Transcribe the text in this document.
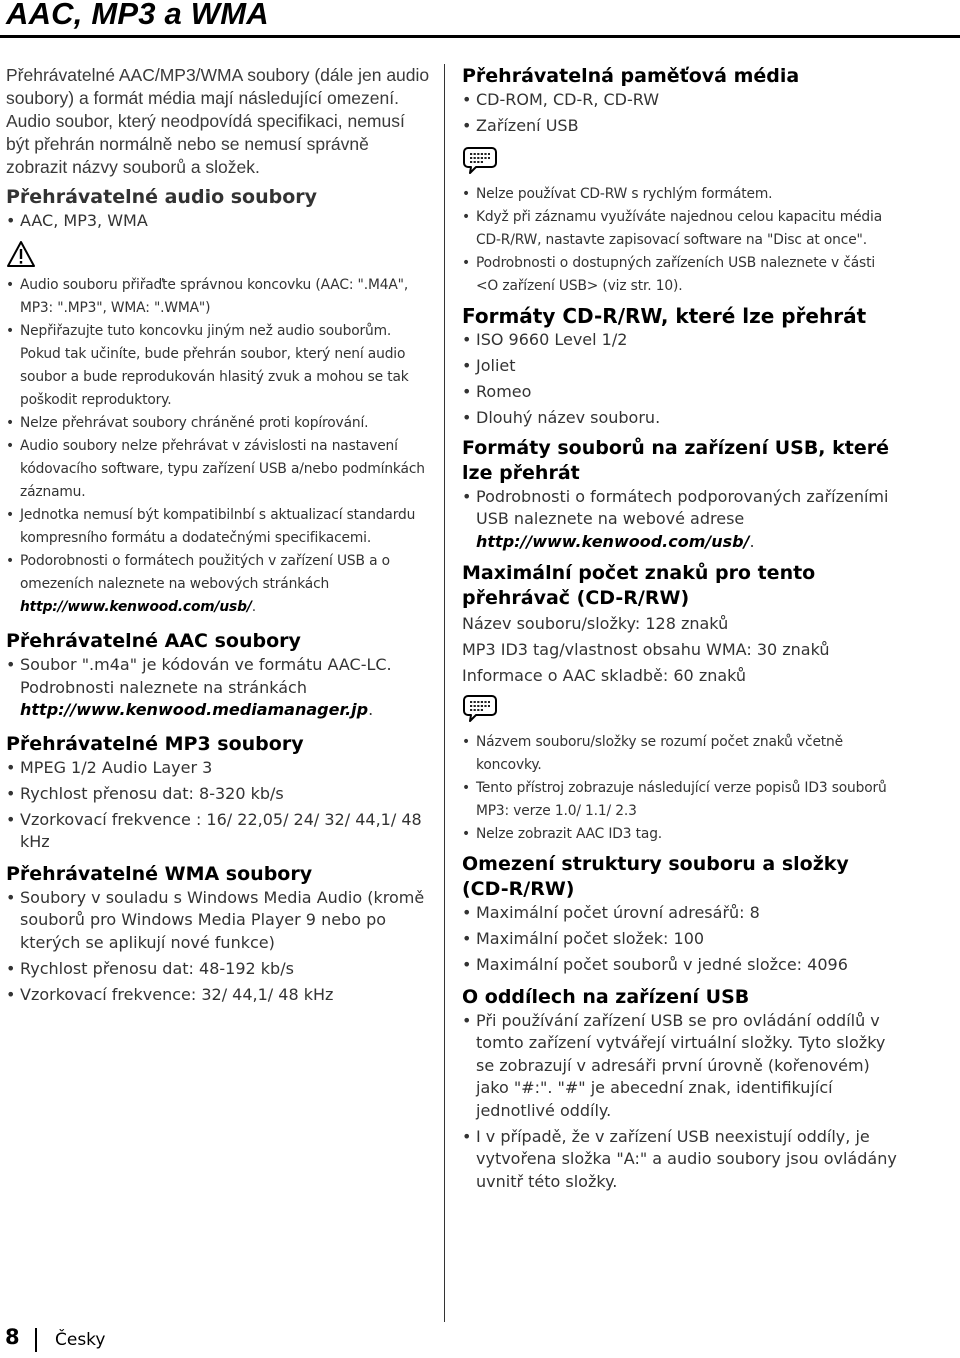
AAC, MP3 a WMA

Přehrávatelné AAC/MP3/WMA soubory (dále jen audio soubory) a formát média mají následující omezení. Audio soubor, který neodpovídá specifikaci, nemusí být přehrán normálně nebo se nemusí správně zobrazit názvy souborů a složek.

Přehrávatelné audio soubory
• AAC, MP3, WMA
• Audio souboru přiřaďte správnou koncovku (AAC: ".M4A", MP3: ".MP3", WMA: ".WMA")
• Nepřiřazujte tuto koncovku jiným než audio souborům. Pokud tak učiníte, bude přehrán soubor, který není audio soubor a bude reprodukován hlasitý zvuk a mohou se tak poškodit reproduktory.
• Nelze přehrávat soubory chráněné proti kopírování.
• Audio soubory nelze přehrávat v závislosti na nastavení kódovacího software, typu zařízení USB a/nebo podmínkách záznamu.
• Jednotka nemusí být kompatibilnbí s aktualizací standardu kompresního formátu a dodatečnými specifikacemi.
• Podorobnosti o formátech použitých v zařízení USB a o omezeních naleznete na webových stránkách http://www.kenwood.com/usb/.
Přehrávatelné AAC soubory
• Soubor ".m4a" je kódován ve formátu AAC-LC.
Podrobnosti naleznete na stránkách http://www.kenwood.mediamanager.jp.
Přehrávatelné MP3 soubory
• MPEG 1/2 Audio Layer 3
• Rychlost přenosu dat: 8-320 kb/s
• Vzorkovací frekvence : 16/ 22,05/ 24/ 32/ 44,1/ 48 kHz
Přehrávatelné WMA soubory
• Soubory v souladu s Windows Media Audio (kromě souborů pro Windows Media Player 9 nebo po kterých se aplikují nové funkce)
• Rychlost přenosu dat: 48-192 kb/s
• Vzorkovací frekvence: 32/ 44,1/ 48 kHz
Přehrávatelná paměťová média
• CD-ROM, CD-R, CD-RW
• Zařízení USB
• Nelze používat CD-RW s rychlým formátem.
• Když při záznamu využíváte najednou celou kapacitu média CD-R/RW, nastavte zapisovací software na "Disc at once".
• Podrobnosti o dostupných zařízeních USB naleznete v části <O zařízení USB> (viz str. 10).
Formáty CD-R/RW, které lze přehrát
• ISO 9660 Level 1/2
• Joliet
• Romeo
• Dlouhý název souboru.
Formáty souborů na zařízení USB, které lze přehrát
• Podrobnosti o formátech podporovaných zařízeními USB naleznete na webové adrese http://www.kenwood.com/usb/.
Maximální počet znaků pro tento přehrávač (CD-R/RW)

Název souboru/složky: 128 znaků

MP3 ID3 tag/vlastnost obsahu WMA: 30 znaků

Informace o AAC skladbě: 60 znaků

• Názvem souboru/složky se rozumí počet znaků včetně koncovky.
• Tento přístroj zobrazuje následující verze popisů ID3 souborů MP3: verze 1.0/ 1.1/ 2.3
• Nelze zobrazit AAC ID3 tag.
Omezení struktury souboru a složky (CD-R/RW)
• Maximální počet úrovní adresářů: 8
• Maximální počet složek: 100
• Maximální počet souborů v jedné složce: 4096
O oddílech na zařízení USB
• Při používání zařízení USB se pro ovládání oddílů v tomto zařízení vytvářejí virtuální složky. Tyto složky se zobrazují v adresáři první úrovně (kořenovém) jako "#:". "#" je abecední znak, identifikující jednotlivé oddíly.
• I v případě, že v zařízení USB neexistují oddíly, je vytvořena složka "A:" a audio soubory jsou ovládány uvnitř této složky.
8 Česky
